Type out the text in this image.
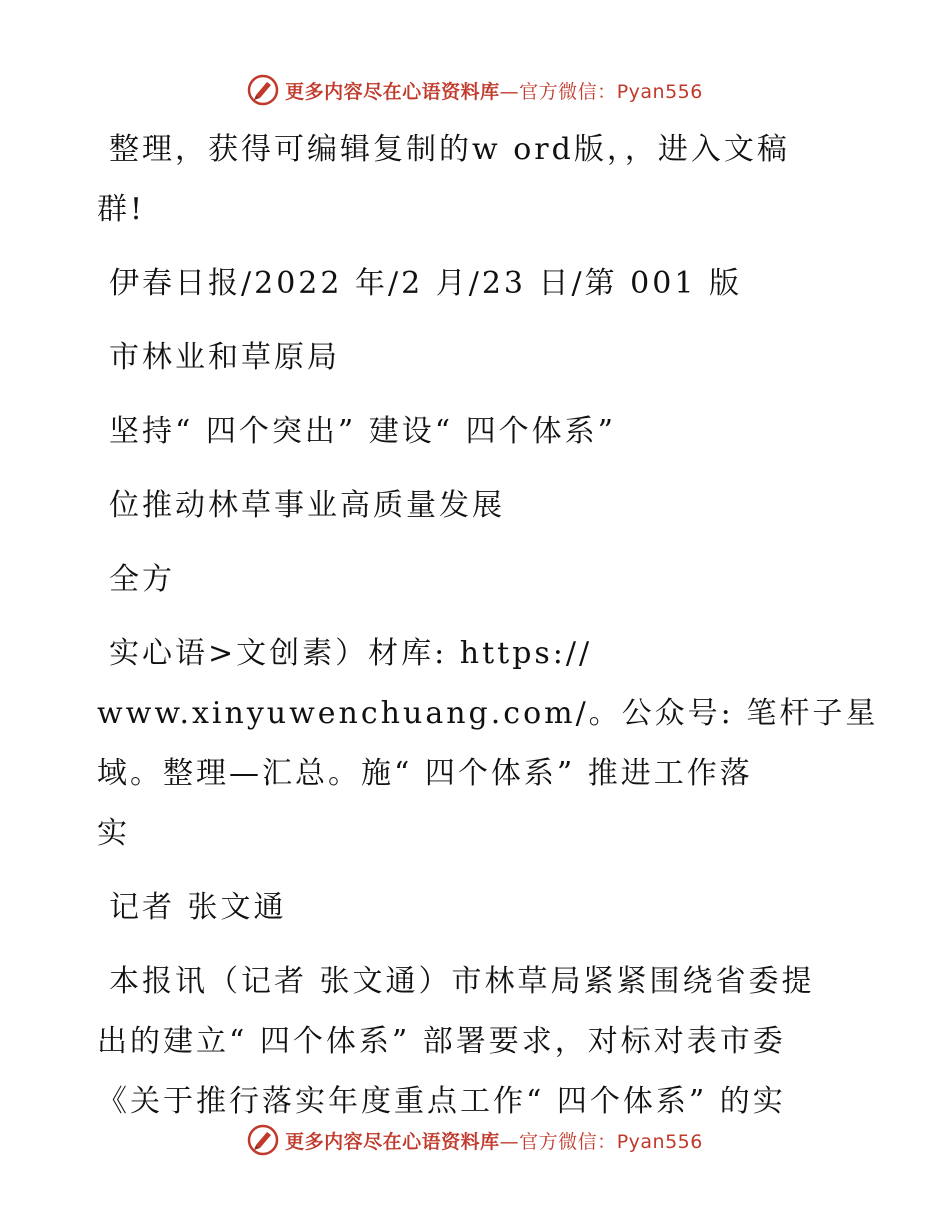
更多内容尽在心语资料库—官方微信：Pyan556
整理，获得可编辑复制的w ord版，，进入文稿
群!
伊春日报/2022 年/2 月/23 日/第 001 版
市林业和草原局
坚持“ 四个突出” 建设“ 四个体系”
位推动林草事业高质量发展
全方
实心语>文创素）材库: https://
www.xinyuwenchuang.com/。公众号: 笔杆子星
域。整理—汇总。施“ 四个体系” 推进工作落
实
记者 张文通
本报讯（记者 张文通）市林草局紧紧围绕省委提
出的建立“ 四个体系” 部署要求，对标对表市委
《关于推行落实年度重点工作“ 四个体系” 的实
更多内容尽在心语资料库—官方微信：Pyan556
